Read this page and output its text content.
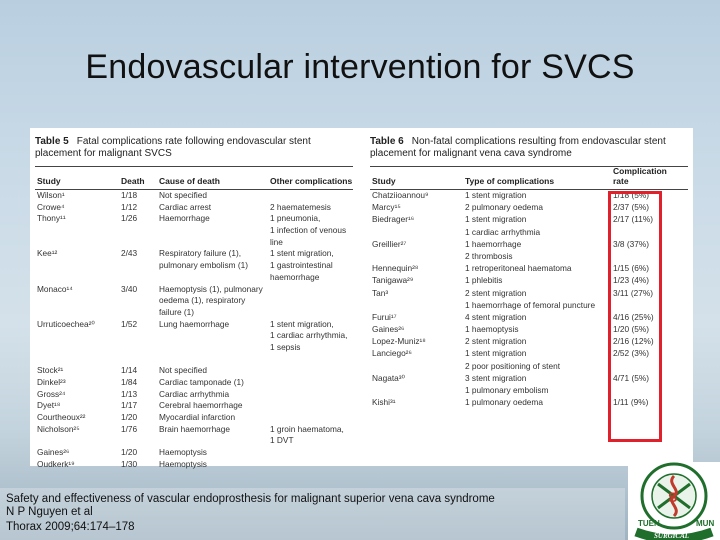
Endovascular intervention for SVCS
Table 5 Fatal complications rate following endovascular stent
placement for malignant SVCS
Study	Death Cause of death	Other complications
Wilson¹	1/18	Not specified
Crowe⁴	1/12	Cardiac arrest	2 haematemesis
Thony¹¹	1/26	Haemorrhage	1 pneumonia,
1 infection of venous
line
Kee¹²	2/43	Respiratory failure (1),	1 stent migration,
pulmonary embolism (1)	1 gastrointestinal
haemorrhage
Monaco¹⁴	3/40	Haemoptysis (1), pulmonary
oedema (1), respiratory
failure (1)
Urruticoechea²⁰	1/52	Lung haemorrhage	1 stent migration,
1 cardiac arrhythmia,
1 sepsis
Stock²¹	1/14	Not specified
Dinkel²³	1/84	Cardiac tamponade (1)
Gross²⁴	1/13	Cardiac arrhythmia
Dyet¹⁸	1/17	Cerebral haemorrhage
Courtheoux²²	1/20	Myocardial infarction
Nicholson²⁵	1/76	Brain haemorrhage	1 groin haematoma,
1 DVT
Gaines²⁶	1/20	Haemoptysis
Oudkerk¹⁹	1/30	Haemoptysis
Table 6 Non-fatal complications resulting from endovascular stent
placement for malignant vena cava syndrome
Study	Type of complications
Complication
rate
Chatziioannou⁹	1 stent migration	1/18 (5%)
Marcy¹⁵	2 pulmonary oedema	2/37 (5%)
Biedrager¹⁶	1 stent migration	2/17 (11%)
1 cardiac arrhythmia
Greillier²⁷	1 haemorrhage	3/8 (37%)
2 thrombosis
Hennequin²⁸	1 retroperitoneal haematoma	1/15 (6%)
Tanigawa²⁹	1 phlebitis	1/23 (4%)
Tan³	2 stent migration	3/11 (27%)
1 haemorrhage of femoral puncture
Furui¹⁷	4 stent migration	4/16 (25%)
Gaines²⁶	1 haemoptysis	1/20 (5%)
Lopez-Muniz¹⁸	2 stent migration	2/16 (12%)
Lanciego²⁶	1 stent migration	2/52 (3%)
2 poor positioning of stent
Nagata³⁰	3 stent migration	4/71 (5%)
1 pulmonary embolism
Kishi³¹	1 pulmonary oedema	1/11 (9%)
Safety and effectiveness of vascular endoprosthesis for malignant superior vena cava syndrome
N P Nguyen et al
Thorax 2009;64:174–178
S
TUEN	MUN
SURGICAL
